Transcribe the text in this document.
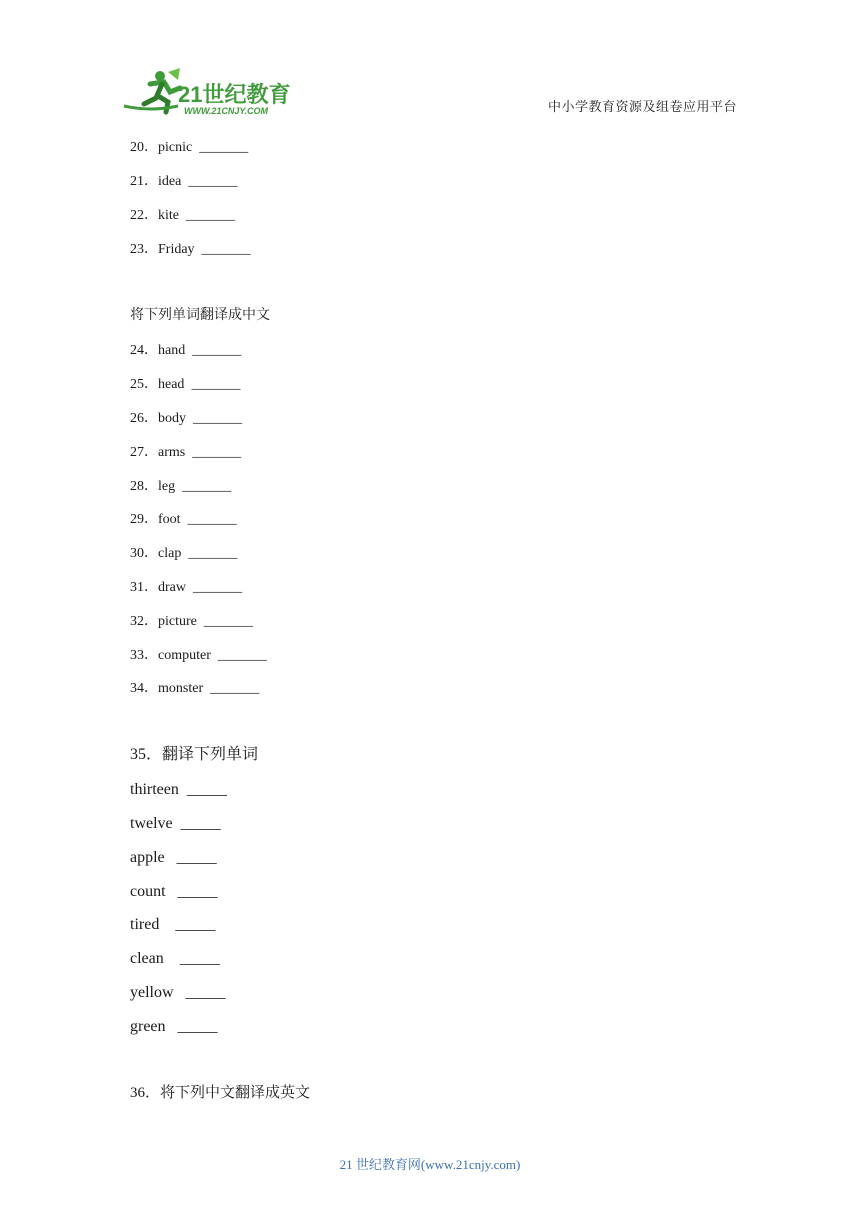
21世纪教育
WWW.21CNJY.COM	中小学教育资源及组卷应用平台
20．picnic _______
21．idea _______
22．kite _______
23．Friday _______
将下列单词翻译成中文
24．hand _______
25．head _______
26．body _______
27．arms _______
28．leg _______
29．foot _______
30．clap _______
31．draw _______
32．picture _______
33．computer _______
34．monster _______
35．翻译下列单词
thirteen _____
twelve _____
apple _____
count _____
tired _____
clean _____
yellow _____
green _____
36．将下列中文翻译成英文
21 世纪教育网(www.21cnjy.com)
